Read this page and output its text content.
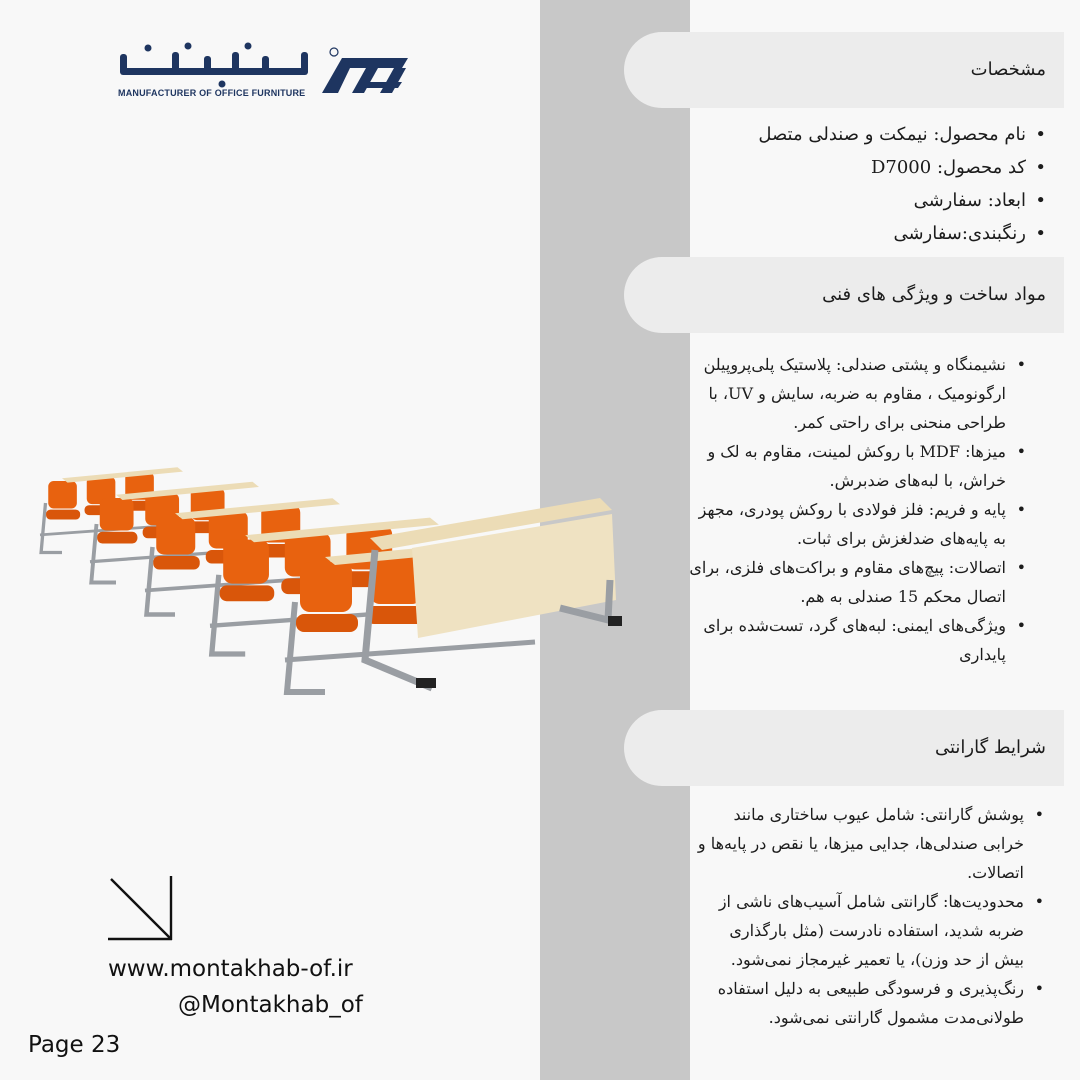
MANUFACTURER OF OFFICE FURNITURE
مشخصات
• نام محصول: نیمکت و صندلی متصل
• کد محصول: D7000
• ابعاد: سفارشی
• رنگبندی:سفارشی
مواد ساخت و ویژگی های فنی
• نشیمنگاه و پشتی صندلی: پلاستیک پلی‌پروپیلن ارگونومیک ، مقاوم به ضربه، سایش و UV، با طراحی منحنی برای راحتی کمر.
• میزها: MDF با روکش لمینت، مقاوم به لک و خراش، با لبه‌های ضدبرش.
• پایه و فریم: فلز فولادی با روکش پودری، مجهز به پایه‌های ضدلغزش برای ثبات.
• اتصالات: پیچ‌های مقاوم و براکت‌های فلزی، برای اتصال محکم 15 صندلی به هم.
• ویژگی‌های ایمنی: لبه‌های گرد، تست‌شده برای پایداری
شرایط گارانتی
• پوشش گارانتی: شامل عیوب ساختاری مانند خرابی صندلی‌ها، جدایی میزها، یا نقص در پایه‌ها و اتصالات.
• محدودیت‌ها: گارانتی شامل آسیب‌های ناشی از ضربه شدید، استفاده نادرست (مثل بارگذاری بیش از حد وزن)، یا تعمیر غیرمجاز نمی‌شود.
• رنگ‌پذیری و فرسودگی طبیعی به دلیل استفاده طولانی‌مدت مشمول گارانتی نمی‌شود.
www.montakhab-of.ir
@Montakhab_of
Page 23
